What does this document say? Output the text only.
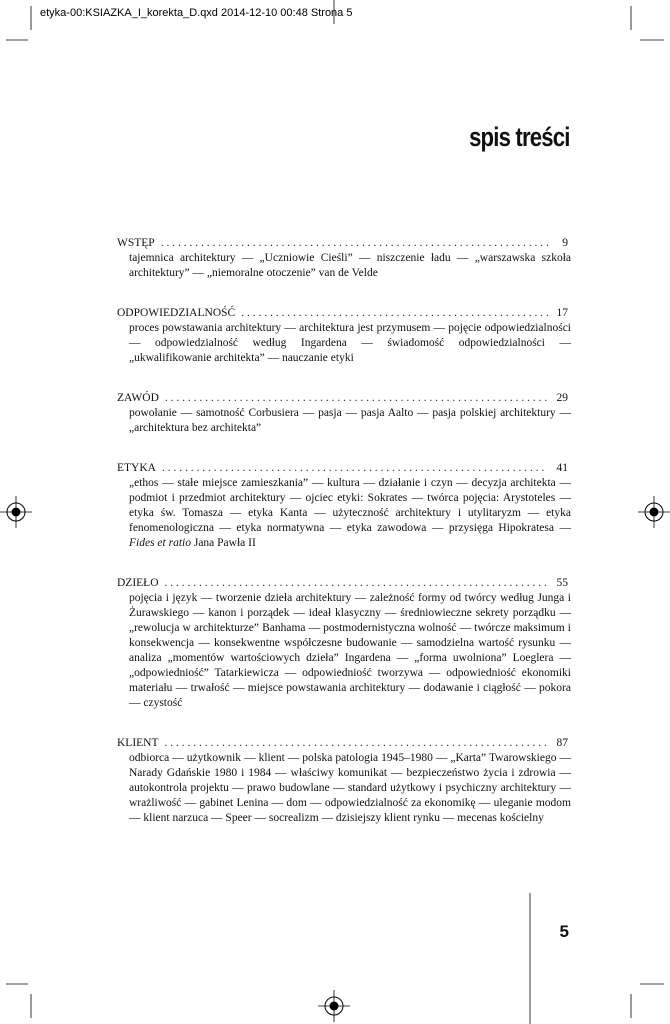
etyka-00:KSIAZKA_I_korekta_D.qxd 2014-12-10 00:48 Strona 5
spis treści
WSTĘP . . .	9

tajemnica architektury — „Uczniowie Cieśli” — niszczenie ładu — „warszawska szkoła architektury” — „niemoralne otoczenie” van de Velde

ODPOWIEDZIALNOŚĆ . . .	17

proces powstawania architektury — architektura jest przymusem — pojęcie odpowiedzialności — odpowiedzialność według Ingardena — świadomość odpowiedzialności — „ukwalifikowanie architekta” — nauczanie etyki

ZAWÓD . . .	29

powołanie — samotność Corbusiera — pasja — pasja Aalto — pasja polskiej architektury — „architektura bez architekta”

ETYKA . . .	41

„ethos — stałe miejsce zamieszkania” — kultura — działanie i czyn — decyzja architekta — podmiot i przedmiot architektury — ojciec etyki: Sokrates — twórca pojęcia: Arystoteles — etyka św. Tomasza — etyka Kanta — użyteczność architektury i utylitaryzm — etyka fenomenologiczna — etyka normatywna — etyka zawodowa — przysięga Hipokratesa — Fides et ratio Jana Pawła II

DZIEŁO . . .	55

pojęcia i język — tworzenie dzieła architektury — zależność formy od twórcy według Junga i Żurawskiego — kanon i porządek — ideał klasyczny — średniowieczne sekrety porządku — „rewolucja w architekturze” Banhama — postmodernistyczna wolność — twórcze maksimum i konsekwencja — konsekwentne współczesne budowanie — samodzielna wartość rysunku — analiza „momentów wartościowych dzieła” Ingardena — „forma uwolniona” Loeglera — „odpowiedniość” Tatarkiewicza — odpowiedniość tworzywa — odpowiedniość ekonomiki materiału — trwałość — miejsce powstawania architektury — dodawanie i ciągłość — pokora — czystość

KLIENT . . .	87

odbiorca — użytkownik — klient — polska patologia 1945–1980 — „Karta” Twarowskiego — Narady Gdańskie 1980 i 1984 — właściwy komunikat — bezpieczeństwo życia i zdrowia — autokontrola projektu — prawo budowlane — standard użytkowy i psychiczny architektury — wrażliwość — gabinet Lenina — dom — odpowiedzialność za ekonomikę — uleganie modom — klient narzuca — Speer — socrealizm — dzisiejszy klient rynku — mecenas kościelny

5
